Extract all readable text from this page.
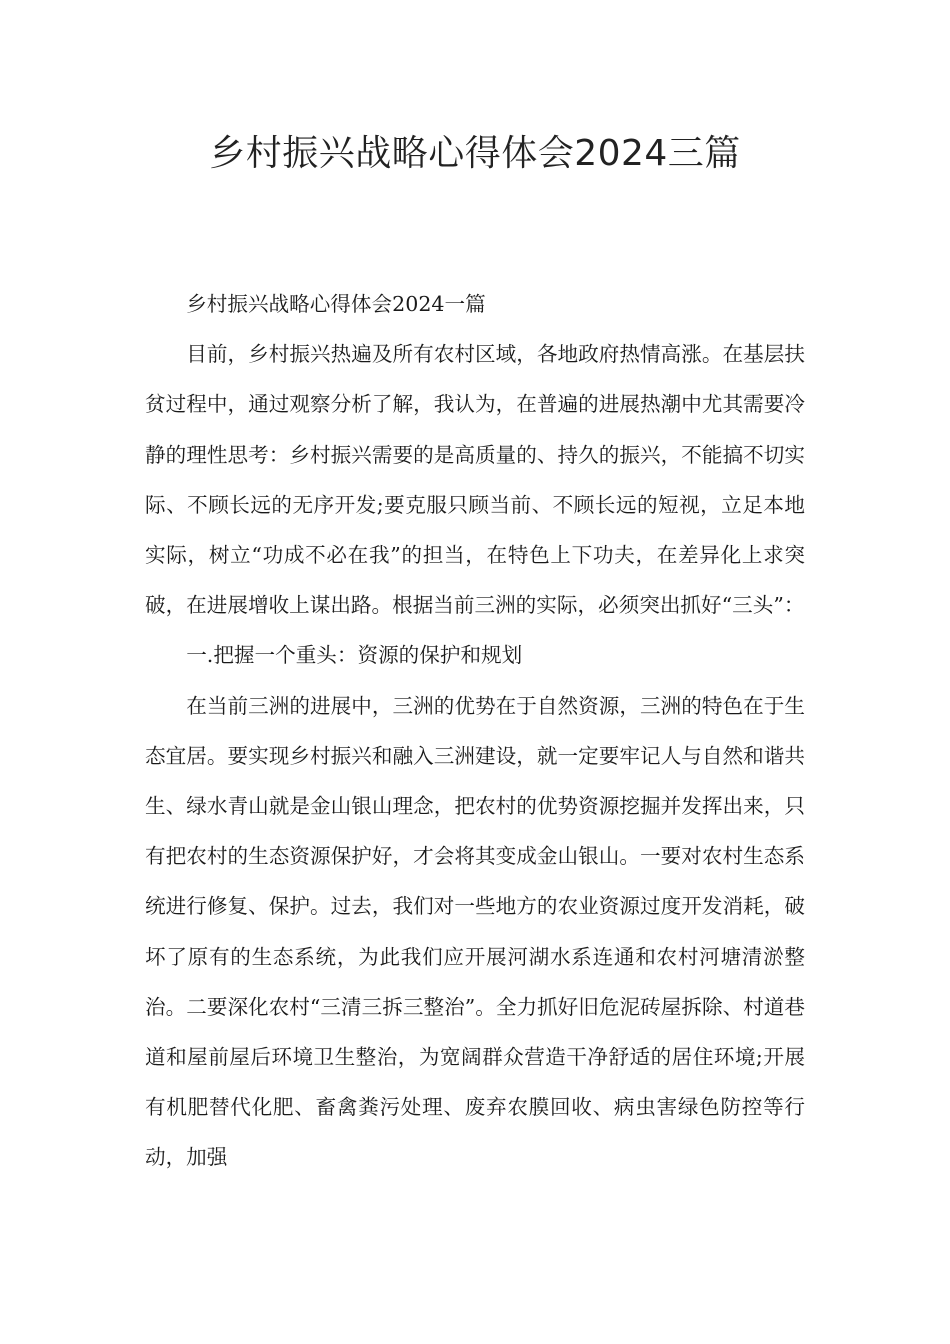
乡村振兴战略心得体会2024三篇

乡村振兴战略心得体会2024一篇

目前，乡村振兴热遍及所有农村区域，各地政府热情高涨。在基层扶贫过程中，通过观察分析了解，我认为，在普遍的进展热潮中尤其需要冷静的理性思考：乡村振兴需要的是高质量的、持久的振兴，不能搞不切实际、不顾长远的无序开发;要克服只顾当前、不顾长远的短视，立足本地实际，树立“功成不必在我”的担当，在特色上下功夫，在差异化上求突破，在进展增收上谋出路。根据当前三洲的实际，必须突出抓好“三头”：

一.把握一个重头：资源的保护和规划

在当前三洲的进展中，三洲的优势在于自然资源，三洲的特色在于生态宜居。要实现乡村振兴和融入三洲建设，就一定要牢记人与自然和谐共生、绿水青山就是金山银山理念，把农村的优势资源挖掘并发挥出来，只有把农村的生态资源保护好，才会将其变成金山银山。一要对农村生态系统进行修复、保护。过去，我们对一些地方的农业资源过度开发消耗，破坏了原有的生态系统，为此我们应开展河湖水系连通和农村河塘清淤整治。二要深化农村“三清三拆三整治”。全力抓好旧危泥砖屋拆除、村道巷道和屋前屋后环境卫生整治，为宽阔群众营造干净舒适的居住环境;开展有机肥替代化肥、畜禽粪污处理、废弃农膜回收、病虫害绿色防控等行动，加强
